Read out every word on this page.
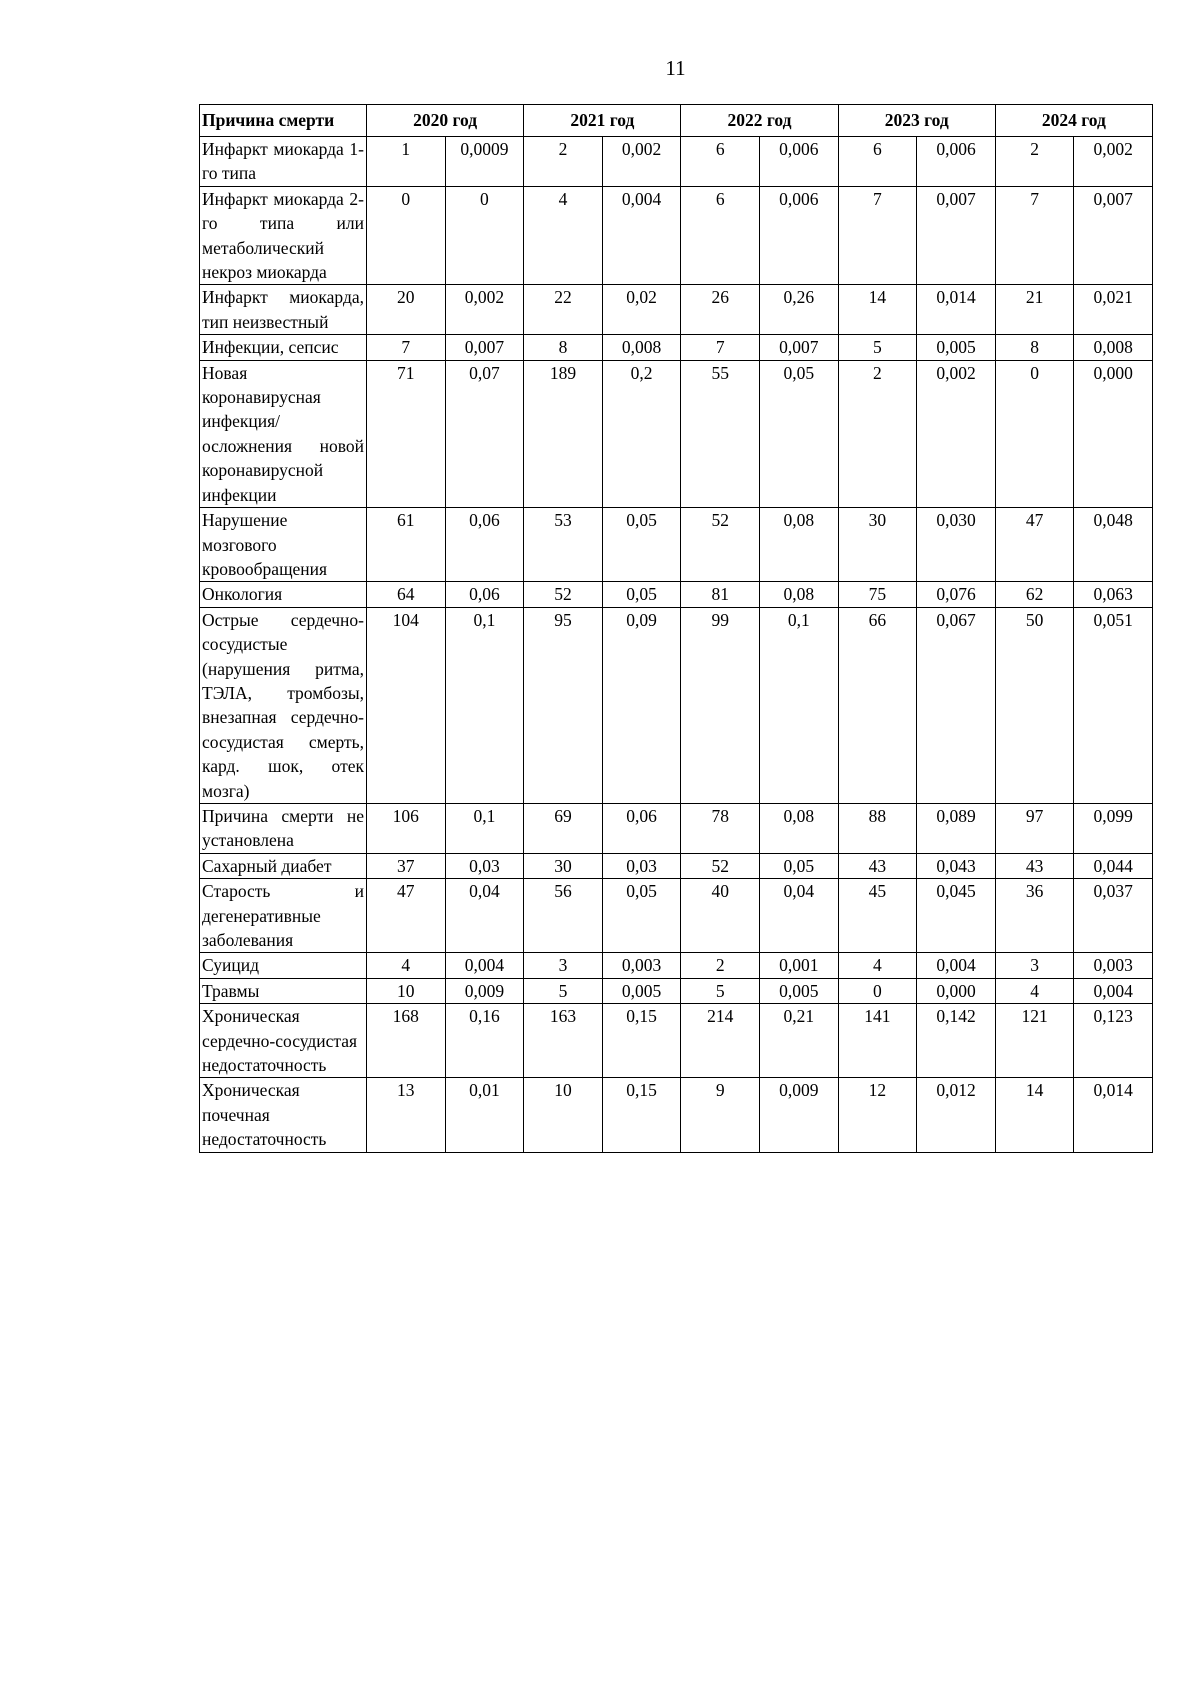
11
Причина смерти	2020 год		2021 год		2022 год		2023 год		2024 год	
Инфаркт миокарда 1-го типа	1	0,0009	2	0,002	6	0,006	6	0,006	2	0,002
Инфаркт миокарда 2-го типа или метаболический некроз миокарда	0	0	4	0,004	6	0,006	7	0,007	7	0,007
Инфаркт миокарда, тип неизвестный	20	0,002	22	0,02	26	0,26	14	0,014	21	0,021
Инфекции, сепсис	7	0,007	8	0,008	7	0,007	5	0,005	8	0,008
Новая коронавирусная инфекция/ осложнения новой коронавирусной инфекции	71	0,07	189	0,2	55	0,05	2	0,002	0	0,000
Нарушение мозгового кровообращения	61	0,06	53	0,05	52	0,08	30	0,030	47	0,048
Онкология	64	0,06	52	0,05	81	0,08	75	0,076	62	0,063
Острые сердечно-сосудистые (нарушения ритма, ТЭЛА, тромбозы, внезапная сердечно-сосудистая смерть, кард. шок, отек мозга)	104	0,1	95	0,09	99	0,1	66	0,067	50	0,051
Причина смерти не установлена	106	0,1	69	0,06	78	0,08	88	0,089	97	0,099
Сахарный диабет	37	0,03	30	0,03	52	0,05	43	0,043	43	0,044
Старость и дегенеративные заболевания	47	0,04	56	0,05	40	0,04	45	0,045	36	0,037
Суицид	4	0,004	3	0,003	2	0,001	4	0,004	3	0,003
Травмы	10	0,009	5	0,005	5	0,005	0	0,000	4	0,004
Хроническая сердечно-сосудистая недостаточность	168	0,16	163	0,15	214	0,21	141	0,142	121	0,123
Хроническая почечная недостаточность	13	0,01	10	0,15	9	0,009	12	0,012	14	0,014
